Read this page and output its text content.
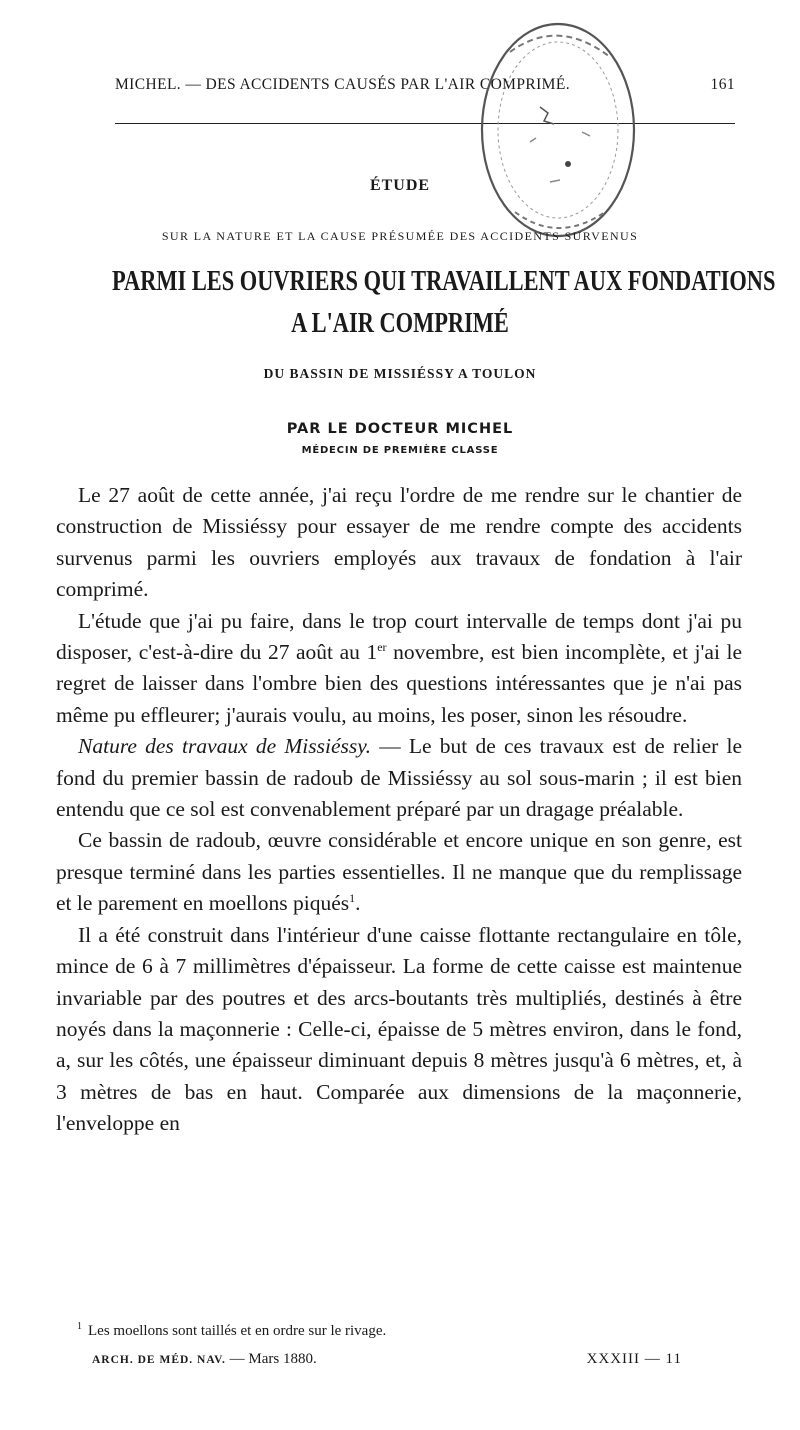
MICHEL. — DES ACCIDENTS CAUSÉS PAR L'AIR COMPRIMÉ.	161
ÉTUDE
SUR LA NATURE ET LA CAUSE PRÉSUMÉE DES ACCIDENTS SURVENUS
PARMI LES OUVRIERS QUI TRAVAILLENT AUX FONDATIONS
A L'AIR COMPRIMÉ
DU BASSIN DE MISSIÉSSY A TOULON
PAR LE DOCTEUR MICHEL
MÉDECIN DE PREMIÈRE CLASSE

Le 27 août de cette année, j'ai reçu l'ordre de me rendre sur le chantier de construction de Missiéssy pour essayer de me rendre compte des accidents survenus parmi les ouvriers employés aux travaux de fondation à l'air comprimé.

L'étude que j'ai pu faire, dans le trop court intervalle de temps dont j'ai pu disposer, c'est-à-dire du 27 août au 1er novembre, est bien incomplète, et j'ai le regret de laisser dans l'ombre bien des questions intéressantes que je n'ai pas même pu effleurer; j'aurais voulu, au moins, les poser, sinon les résoudre.

Nature des travaux de Missiéssy. — Le but de ces travaux est de relier le fond du premier bassin de radoub de Missiéssy au sol sous-marin ; il est bien entendu que ce sol est convenablement préparé par un dragage préalable.

Ce bassin de radoub, œuvre considérable et encore unique en son genre, est presque terminé dans les parties essentielles. Il ne manque que du remplissage et le parement en moellons piqués$^1$.

Il a été construit dans l'intérieur d'une caisse flottante rectangulaire en tôle, mince de 6 à 7 millimètres d'épaisseur. La forme de cette caisse est maintenue invariable par des poutres et des arcs-boutants très multipliés, destinés à être noyés dans la maçonnerie : Celle-ci, épaisse de 5 mètres environ, dans le fond, a, sur les côtés, une épaisseur diminuant depuis 8 mètres jusqu'à 6 mètres, et, à 3 mètres de bas en haut. Comparée aux dimensions de la maçonnerie, l'enveloppe en

$^1$ Les moellons sont taillés et en ordre sur le rivage.
ARCH. DE MÉD. NAV. — Mars 1880.	XXXIII — 11
